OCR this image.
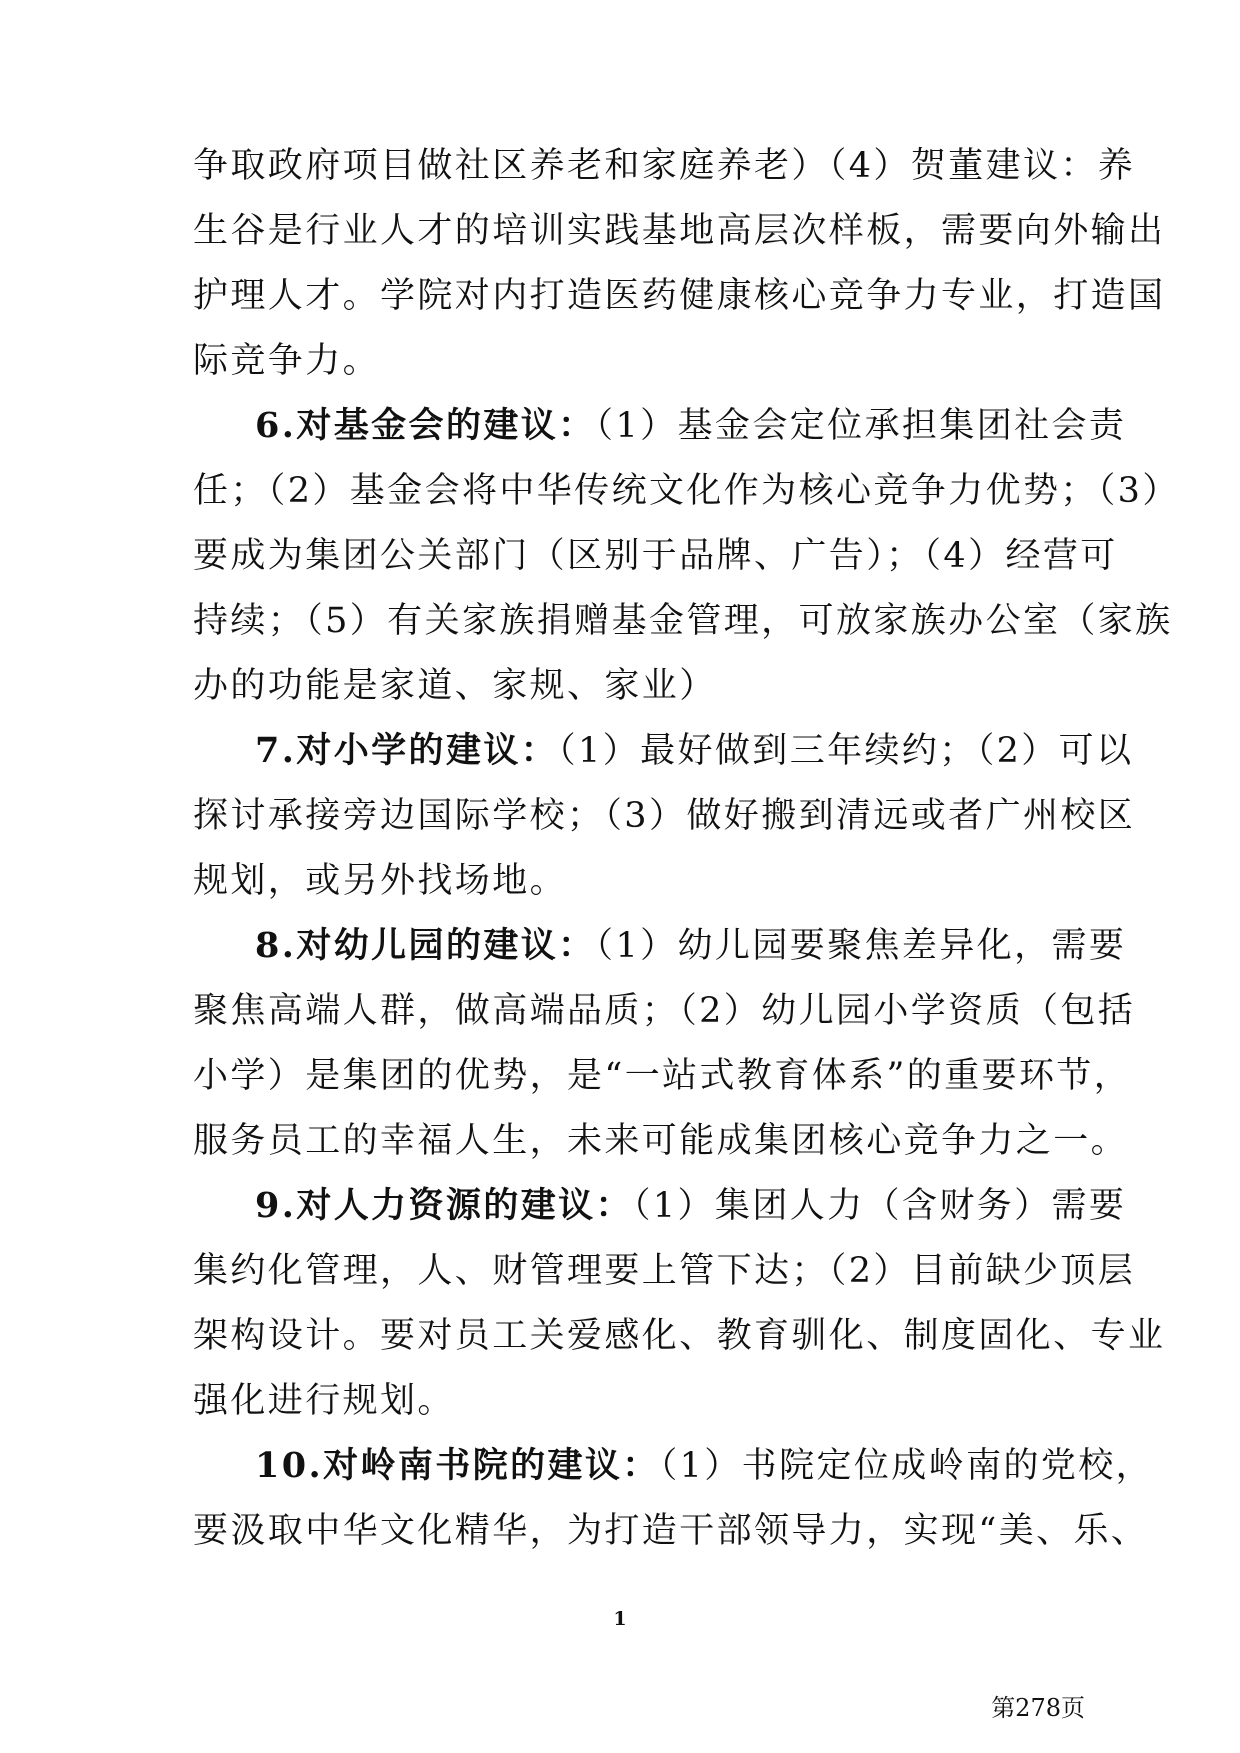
争取政府项目做社区养老和家庭养老）（4）贺董建议：养
生谷是行业人才的培训实践基地高层次样板，需要向外输出
护理人才。学院对内打造医药健康核心竞争力专业，打造国
际竞争力。
6.对基金会的建议：（1）基金会定位承担集团社会责
任；（2）基金会将中华传统文化作为核心竞争力优势；（3）
要成为集团公关部门（区别于品牌、广告）；（4）经营可
持续；（5）有关家族捐赠基金管理，可放家族办公室（家族
办的功能是家道、家规、家业）
7.对小学的建议：（1）最好做到三年续约；（2）可以
探讨承接旁边国际学校；（3）做好搬到清远或者广州校区
规划，或另外找场地。
8.对幼儿园的建议：（1）幼儿园要聚焦差异化，需要
聚焦高端人群，做高端品质；（2）幼儿园小学资质（包括
小学）是集团的优势，是“一站式教育体系”的重要环节，
服务员工的幸福人生，未来可能成集团核心竞争力之一。
9.对人力资源的建议：（1）集团人力（含财务）需要
集约化管理，人、财管理要上管下达；（2）目前缺少顶层
架构设计。要对员工关爱感化、教育驯化、制度固化、专业
强化进行规划。
10.对岭南书院的建议：（1）书院定位成岭南的党校，
要汲取中华文化精华，为打造干部领导力，实现“美、乐、
1
第278页
